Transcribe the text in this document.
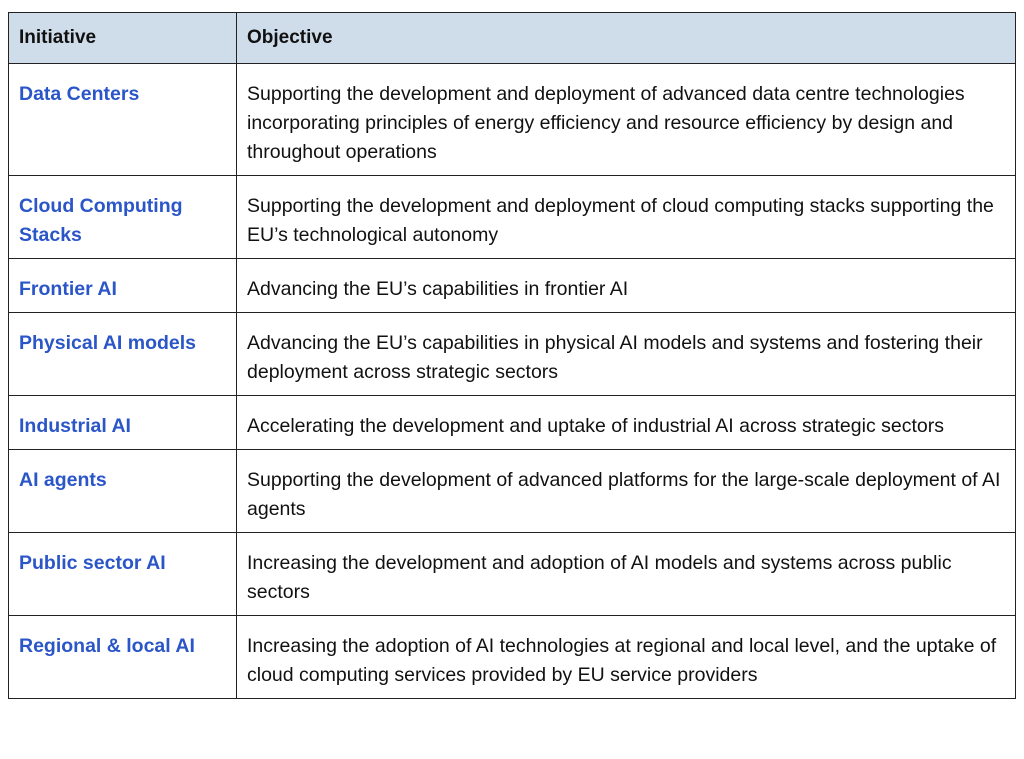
Initiative	Objective

Data Centers	Supporting the development and deployment of advanced data centre technologies incorporating principles of energy efficiency and resource efficiency by design and throughout operations

Cloud Computing Stacks	Supporting the development and deployment of cloud computing stacks supporting the EU’s technological autonomy

Frontier AI	Advancing the EU’s capabilities in frontier AI

Physical AI models	Advancing the EU’s capabilities in physical AI models and systems and fostering their deployment across strategic sectors

Industrial AI	Accelerating the development and uptake of industrial AI across strategic sectors

AI agents	Supporting the development of advanced platforms for the large-scale deployment of AI agents

Public sector AI	Increasing the development and adoption of AI models and systems across public sectors

Regional & local AI	Increasing the adoption of AI technologies at regional and local level, and the uptake of cloud computing services provided by EU service providers
